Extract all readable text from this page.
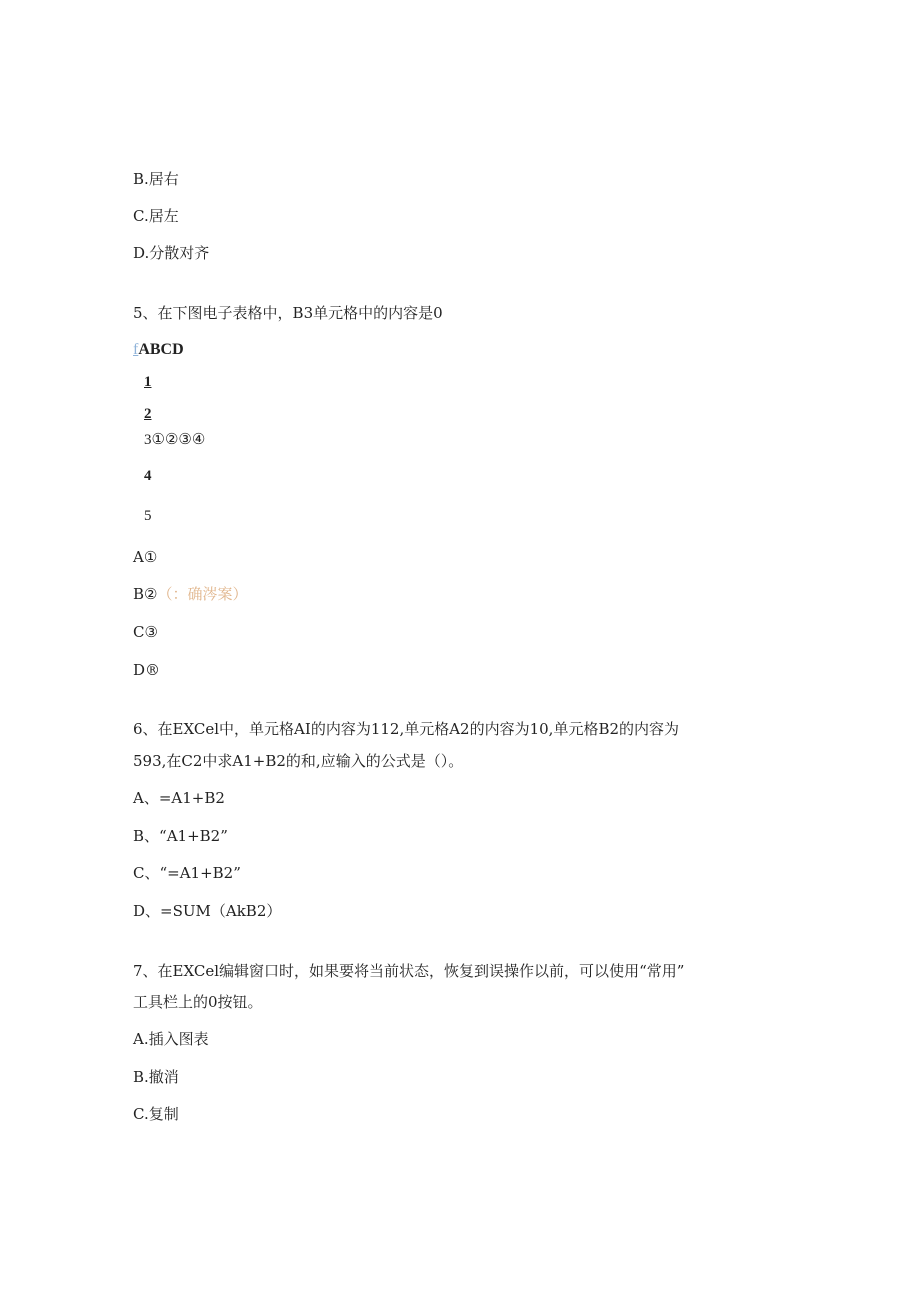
B.居右
C.居左
D.分散对齐
5、在下图电子表格中，B3单元格中的内容是0
fABCD
1
2
3①②③④
4
5
A①
B②（：确涔案）
C③
D®
6、在EXCel中，单元格AI的内容为112,单元格A2的内容为10,单元格B2的内容为
593,在C2中求A1+B2的和,应输入的公式是（）。
A、=A1+B2
B、“A1+B2”
C、“=A1+B2”
D、=SUM（AkB2）
7、在EXCel编辑窗口时，如果要将当前状态，恢复到误操作以前，可以使用“常用”
工具栏上的0按钮。
A.插入图表
B.撤消
C.复制
